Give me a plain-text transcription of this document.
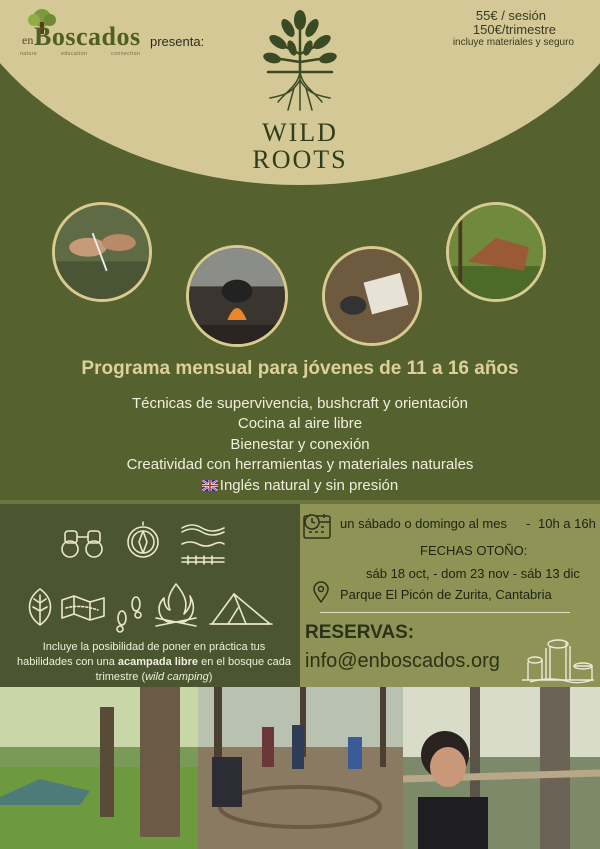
en Boscados
nature education connection
presenta:
55€ / sesión
150€/trimestre
incluye materiales y seguro
WILD
ROOTS
Programa mensual para jóvenes de 11 a 16 años
Técnicas de supervivencia, bushcraft y orientación
Cocina al aire libre
Bienestar y conexión
Creatividad con herramientas y materiales naturales
Inglés natural y sin presión
Incluye la posibilidad de poner en práctica tus habilidades con una acampada libre en el bosque cada trimestre (wild camping)
un sábado o domingo al mes - 10h a 16h
FECHAS OTOÑO:
sáb 18 oct, - dom 23 nov - sáb 13 dic
Parque El Picón de Zurita, Cantabria
RESERVAS:
info@enboscados.org
